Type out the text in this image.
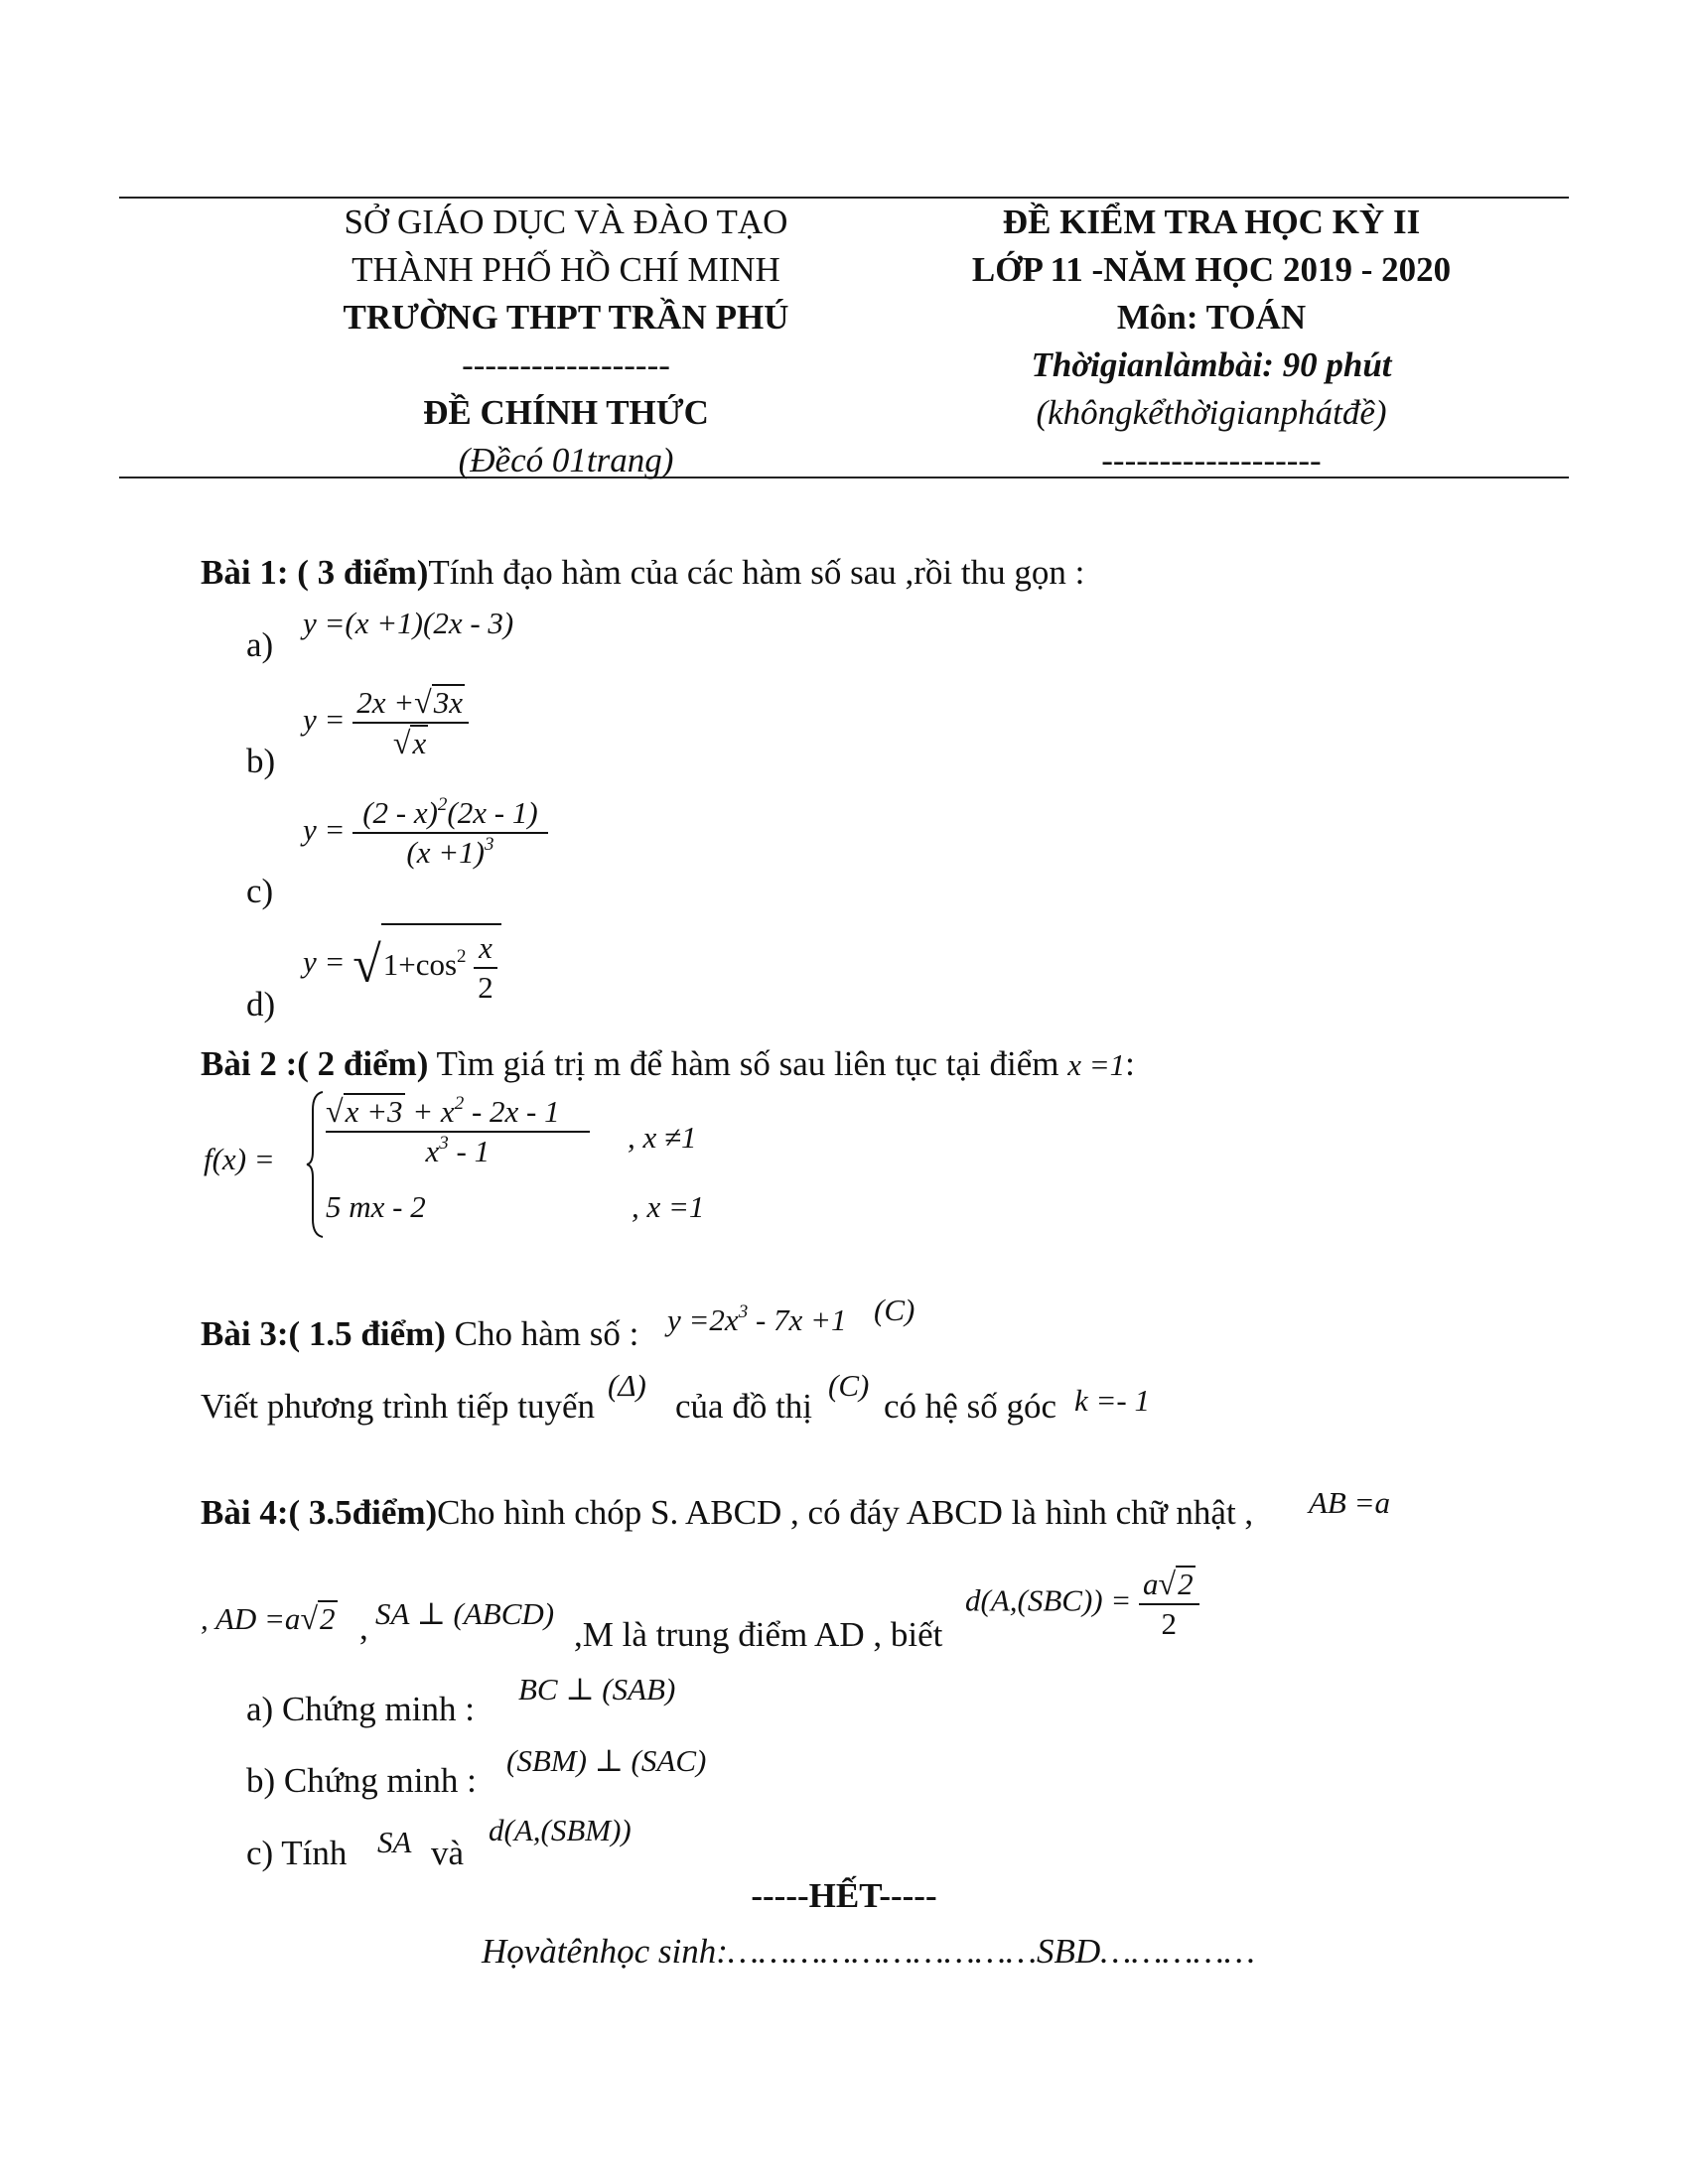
SỞ GIÁO DỤC VÀ ĐÀO TẠO
THÀNH PHỐ HỒ CHÍ MINH
TRƯỜNG THPT TRẦN PHÚ
------------------
ĐỀ CHÍNH THỨC
(Đềcó 01trang)
ĐỀ KIỂM TRA HỌC KỲ II
LỚP 11 -NĂM HỌC 2019 - 2020
Môn: TOÁN
Thờigianlàmbài: 90 phút
(khôngkểthờigianphátđề)
-------------------
Bài 1: ( 3 điểm)Tính đạo hàm của các hàm số sau ,rồi thu gọn :
a)
y =(x +1)(2x - 3)
b)
$y = \frac{2x +√3x}{√x}$
c)
$y = \frac{(2 - x)^2(2x - 1)}{(x +1)^3}$
d)
$y = √1+\cos^2 \frac{x}{2}$
Bài 2 :( 2 điểm) Tìm giá trị m để hàm số sau liên tục tại điểm x =1:
$f(x) = \frac{√x +3 + x^2 - 2x - 1}{x^3 - 1}$ , x ≠1
5 mx - 2	, x =1
Bài 3:( 1.5 điểm) Cho hàm số : $y =2x^3 - 7x +1$ (C)
Viết phương trình tiếp tuyến
(Δ)
của đồ thị
(C)
có hệ số góc k =- 1
Bài 4:( 3.5điểm)Cho hình chóp S. ABCD , có đáy ABCD là hình chữ nhật , AB =a
, AD =a√2 , SA ⊥ (ABCD)
,M là trung điểm AD , biết
$d(A,(SBC)) = \frac{a√2}{2}$
a) Chứng minh :
BC ⊥ (SAB)
b) Chứng minh :
(SBM) ⊥ (SAC)
c) Tính SA và
d(A,(SBM))
-----HẾT-----
Họvàtênhọc sinh:…………………………SBD……………
